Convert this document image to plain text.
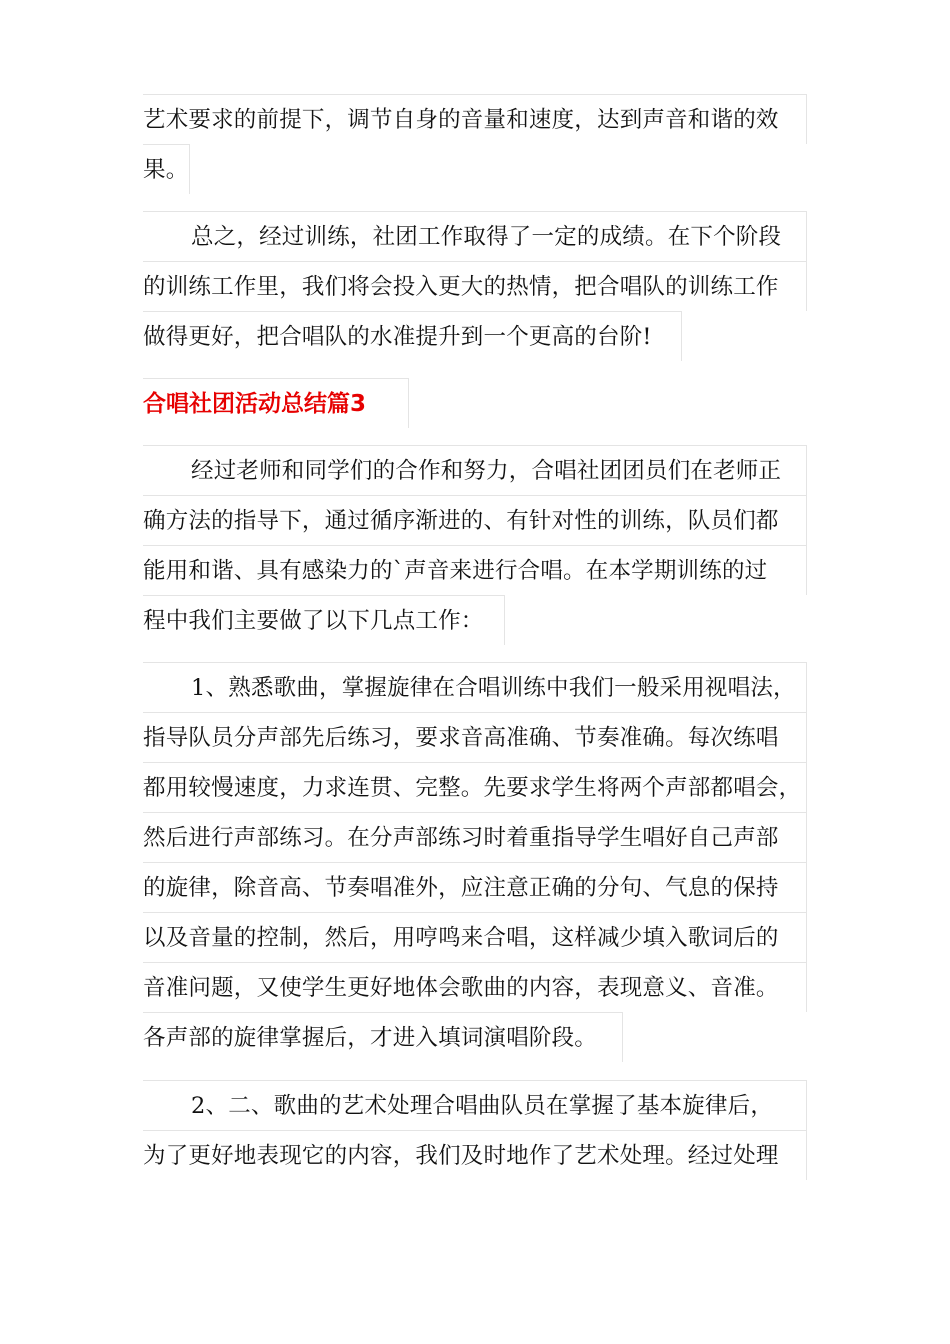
艺术要求的前提下，调节自身的音量和速度，达到声音和谐的效
果。
总之，经过训练，社团工作取得了一定的成绩。在下个阶段
的训练工作里，我们将会投入更大的热情，把合唱队的训练工作
做得更好，把合唱队的水准提升到一个更高的台阶!
合唱社团活动总结篇3
经过老师和同学们的合作和努力，合唱社团团员们在老师正
确方法的指导下，通过循序渐进的、有针对性的训练，队员们都
能用和谐、具有感染力的`声音来进行合唱。在本学期训练的过
程中我们主要做了以下几点工作：
1、熟悉歌曲，掌握旋律在合唱训练中我们一般采用视唱法，
指导队员分声部先后练习，要求音高准确、节奏准确。每次练唱
都用较慢速度，力求连贯、完整。先要求学生将两个声部都唱会，
然后进行声部练习。在分声部练习时着重指导学生唱好自己声部
的旋律，除音高、节奏唱准外，应注意正确的分句、气息的保持
以及音量的控制，然后，用哼鸣来合唱，这样减少填入歌词后的
音准问题，又使学生更好地体会歌曲的内容，表现意义、音准。
各声部的旋律掌握后，才进入填词演唱阶段。
2、二、歌曲的艺术处理合唱曲队员在掌握了基本旋律后，
为了更好地表现它的内容，我们及时地作了艺术处理。经过处理
